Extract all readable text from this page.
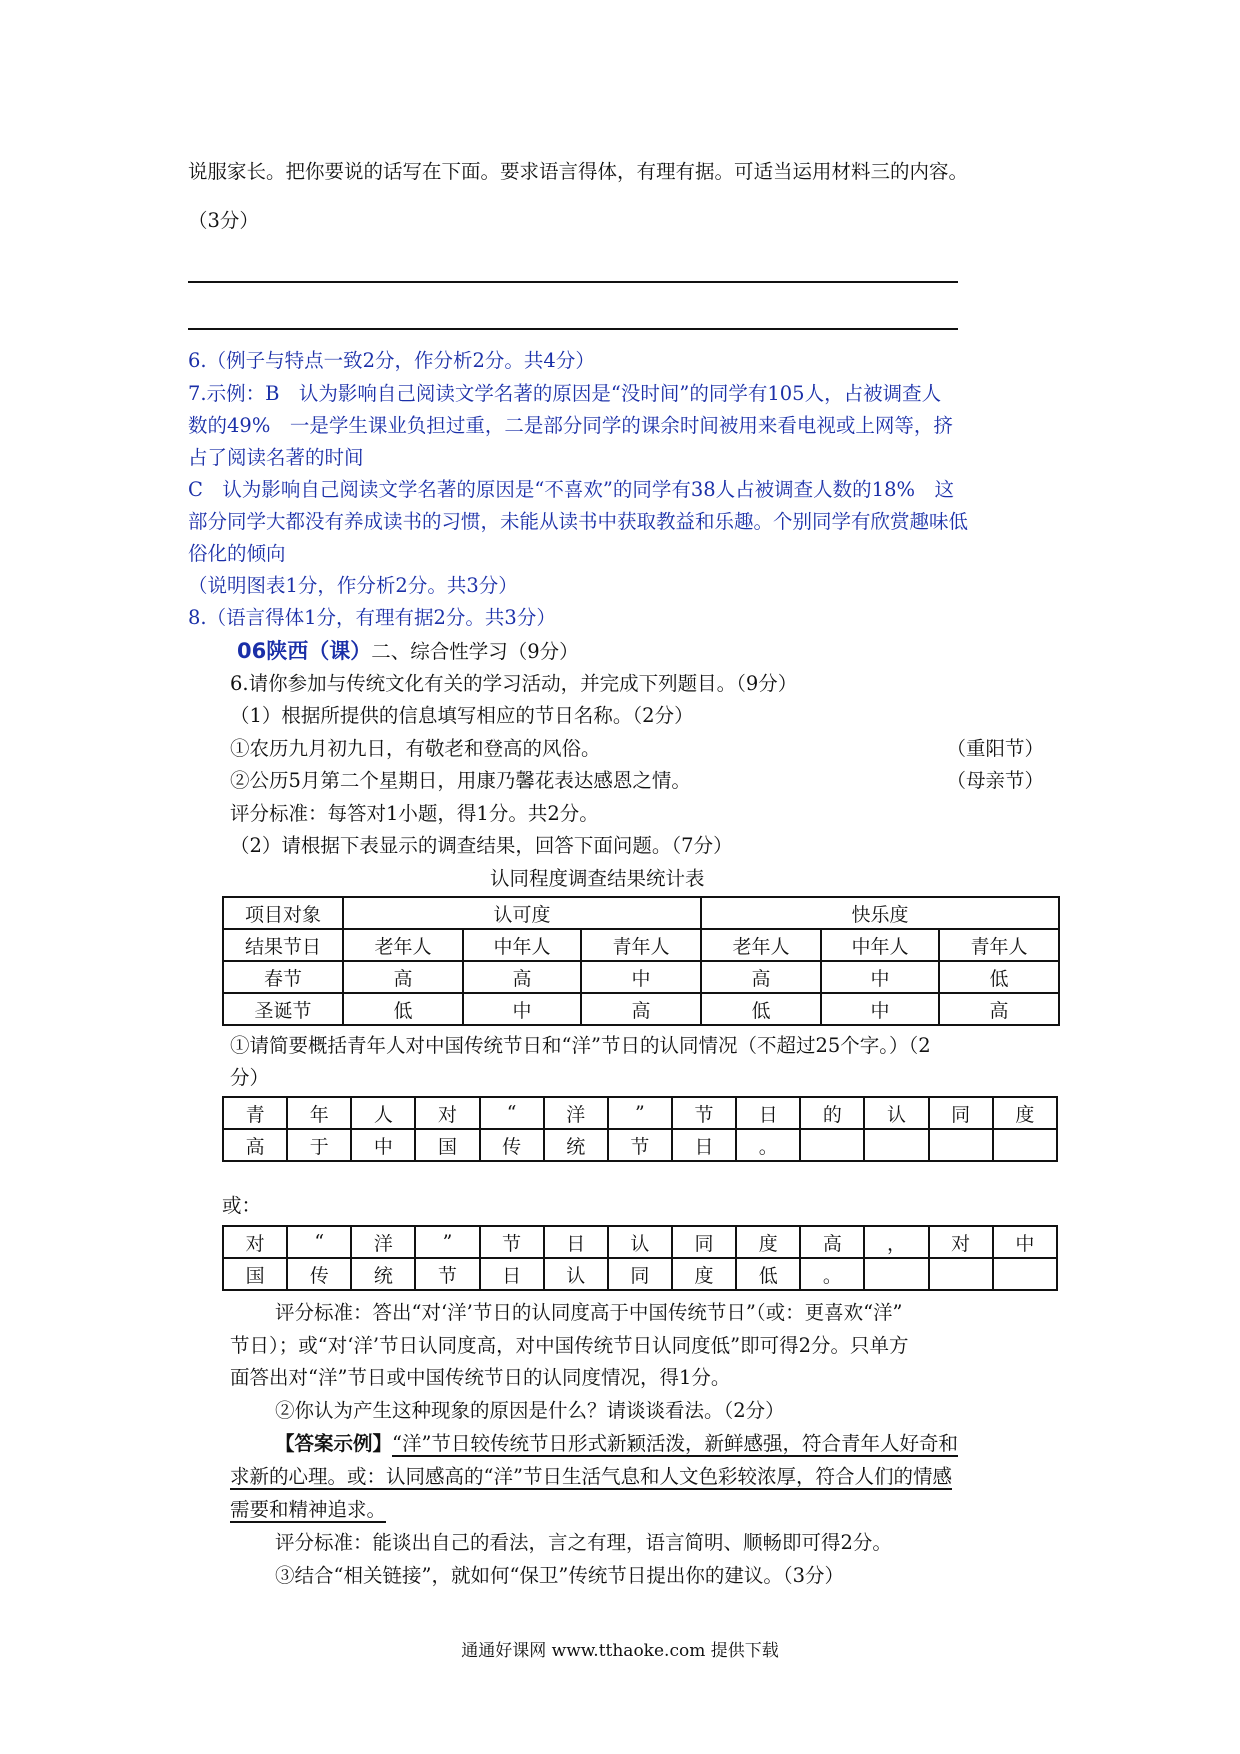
说服家长。把你要说的话写在下面。要求语言得体，有理有据。可适当运用材料三的内容。
（3分）
6.（例子与特点一致2分，作分析2分。共4分）
7.示例：B　认为影响自己阅读文学名著的原因是“没时间”的同学有105人，占被调查人
数的49%　一是学生课业负担过重，二是部分同学的课余时间被用来看电视或上网等，挤
占了阅读名著的时间
C　认为影响自己阅读文学名著的原因是“不喜欢”的同学有38人占被调查人数的18%　这
部分同学大都没有养成读书的习惯，未能从读书中获取教益和乐趣。个别同学有欣赏趣味低
俗化的倾向
（说明图表1分，作分析2分。共3分）
8.（语言得体1分，有理有据2分。共3分）
06陕西（课）二、综合性学习（9分）
6.请你参加与传统文化有关的学习活动，并完成下列题目。（9分）
（1）根据所提供的信息填写相应的节日名称。（2分）
①农历九月初九日，有敬老和登高的风俗。	（重阳节）
②公历5月第二个星期日，用康乃馨花表达感恩之情。	（母亲节）
评分标准：每答对1小题，得1分。共2分。
（2）请根据下表显示的调查结果，回答下面问题。（7分）
认同程度调查结果统计表
项目对象	认可度			快乐度		
结果节日	老年人	中年人	青年人	老年人	中年人	青年人
春节	高	高	中	高	中	低
圣诞节	低	中	高	低	中	高
①请简要概括青年人对中国传统节日和“洋”节日的认同情况（不超过25个字。）（2
分）
青	年	人	对	“	洋	”	节	日	的	认	同	度
高	于	中	国	传	统	节	日	。				
或：
对	“	洋	”	节	日	认	同	度	高	，	对	中
国	传	统	节	日	认	同	度	低	。			
评分标准：答出“对‘洋’节日的认同度高于中国传统节日”（或：更喜欢“洋”
节日）；或“对‘洋’节日认同度高，对中国传统节日认同度低”即可得2分。只单方
面答出对“洋”节日或中国传统节日的认同度情况，得1分。
②你认为产生这种现象的原因是什么？请谈谈看法。（2分）
【答案示例】“洋”节日较传统节日形式新颖活泼，新鲜感强，符合青年人好奇和
求新的心理。或：认同感高的“洋”节日生活气息和人文色彩较浓厚，符合人们的情感
需要和精神追求。
评分标准：能谈出自己的看法，言之有理，语言简明、顺畅即可得2分。
③结合“相关链接”，就如何“保卫”传统节日提出你的建议。（3分）
通通好课网 www.tthaoke.com 提供下载
